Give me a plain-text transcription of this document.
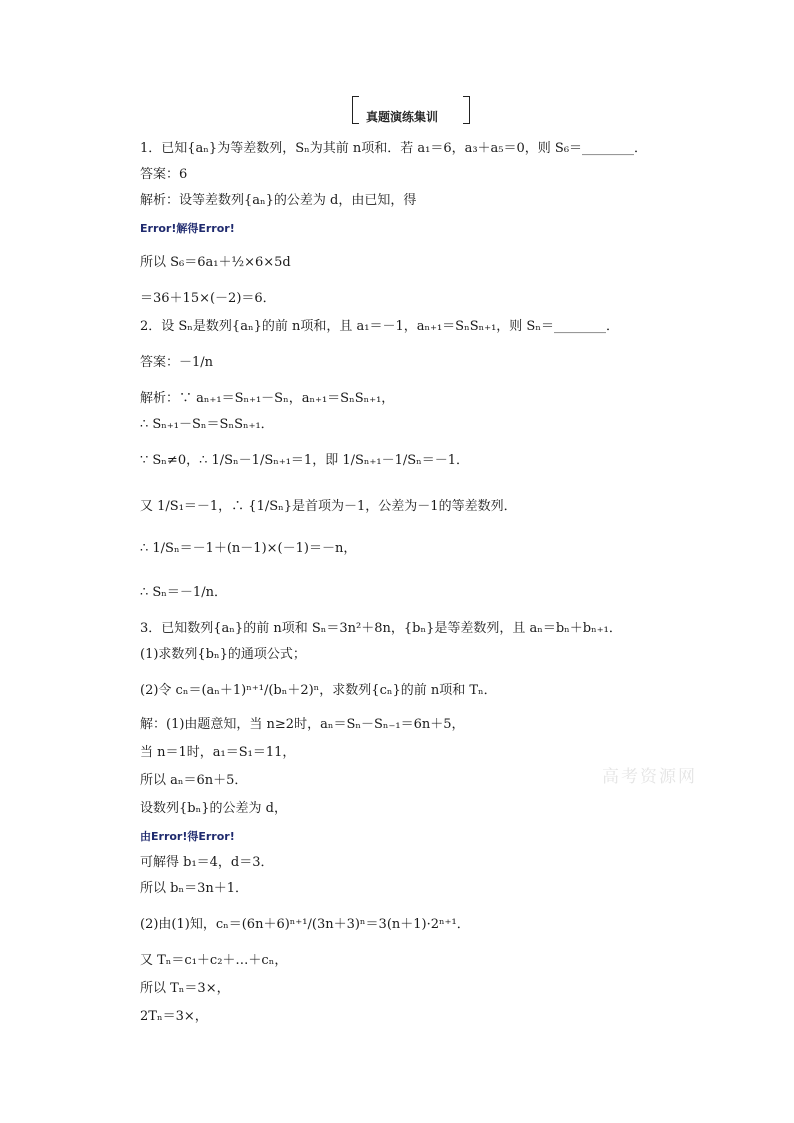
真题演练集训
1．已知{aₙ}为等差数列，Sₙ为其前 n项和．若 a₁＝6，a₃＋a₅＝0，则 S₆＝________．
答案：6
解析：设等差数列{aₙ}的公差为 d，由已知，得
Error!解得Error!
所以 S₆＝6a₁＋½×6×5d
＝36＋15×(－2)＝6．
2．设 Sₙ是数列{aₙ}的前 n项和，且 a₁＝－1，aₙ₊₁＝SₙSₙ₊₁，则 Sₙ＝________．
答案：－1/n
解析：∵ aₙ₊₁＝Sₙ₊₁－Sₙ，aₙ₊₁＝SₙSₙ₊₁，
∴ Sₙ₊₁－Sₙ＝SₙSₙ₊₁．
∵ Sₙ≠0，∴ 1/Sₙ－1/Sₙ₊₁＝1，即 1/Sₙ₊₁－1/Sₙ＝－1．
又 1/S₁＝－1，∴ {1/Sₙ}是首项为－1，公差为－1的等差数列．
∴ 1/Sₙ＝－1＋(n－1)×(－1)＝－n，
∴ Sₙ＝－1/n．
3．已知数列{aₙ}的前 n项和 Sₙ＝3n²＋8n，{bₙ}是等差数列，且 aₙ＝bₙ＋bₙ₊₁．
(1)求数列{bₙ}的通项公式；
(2)令 cₙ＝(aₙ＋1)ⁿ⁺¹/(bₙ＋2)ⁿ，求数列{cₙ}的前 n项和 Tₙ．
解：(1)由题意知，当 n≥2时，aₙ＝Sₙ－Sₙ₋₁＝6n＋5，
当 n＝1时，a₁＝S₁＝11，
所以 aₙ＝6n＋5．
设数列{bₙ}的公差为 d，
由Error!得Error!
可解得 b₁＝4，d＝3．
所以 bₙ＝3n＋1．
(2)由(1)知，cₙ＝(6n＋6)ⁿ⁺¹/(3n＋3)ⁿ＝3(n＋1)·2ⁿ⁺¹．
又 Tₙ＝c₁＋c₂＋…＋cₙ，
所以 Tₙ＝3×，
2Tₙ＝3×，
高考资源网
